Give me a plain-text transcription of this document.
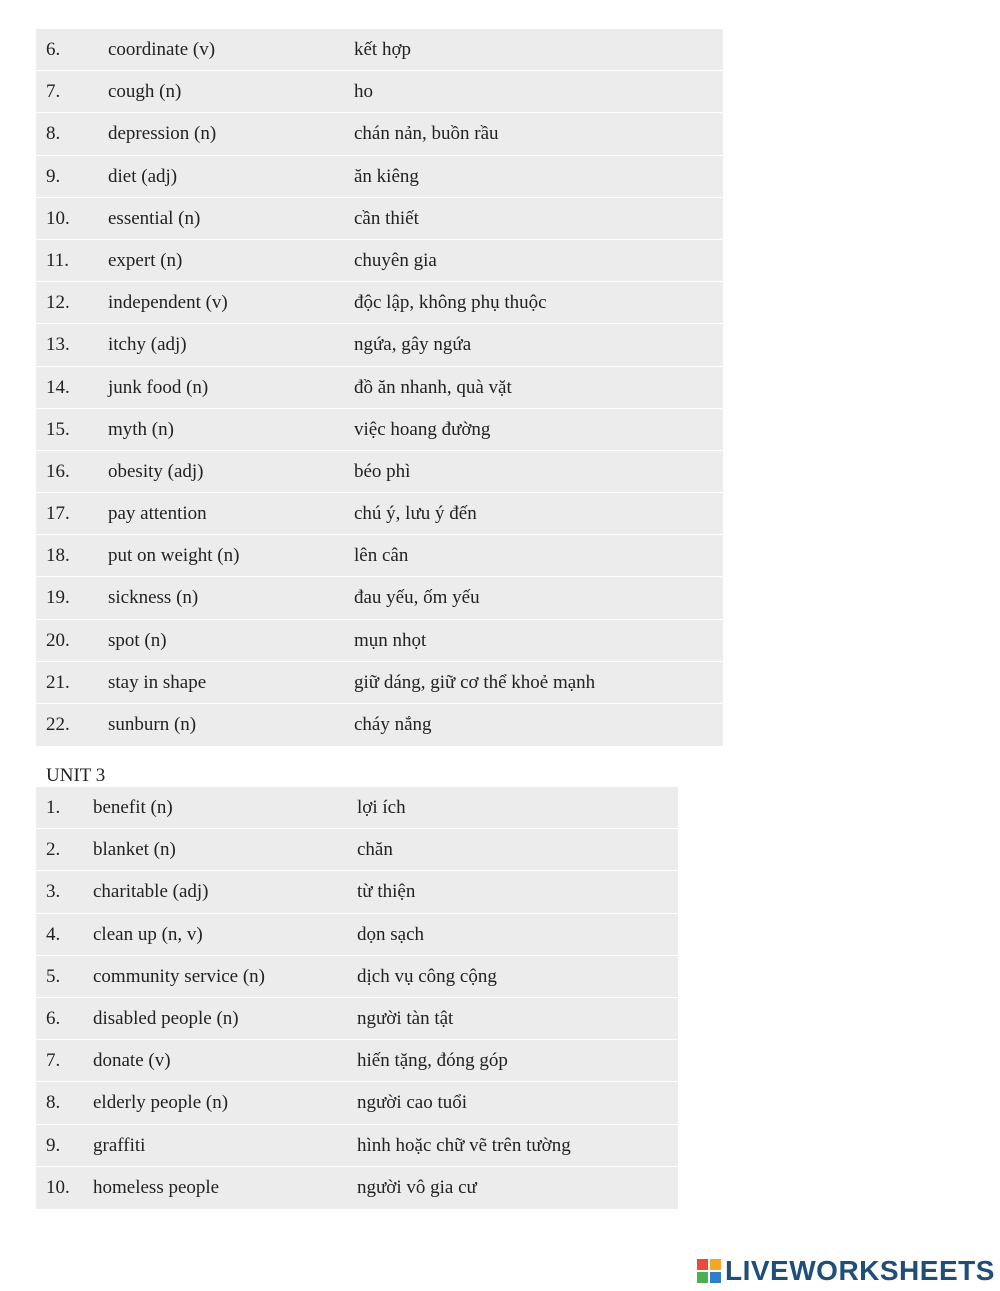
6.	coordinate (v)	kết hợp
7.	cough (n)	ho
8.	depression (n)	chán nản, buồn rầu
9.	diet (adj)	ăn kiêng
10. essential (n)	cần thiết
11. expert (n)	chuyên gia
12. independent (v)	độc lập, không phụ thuộc
13. itchy (adj)	ngứa, gây ngứa
14. junk food (n)	đồ ăn nhanh, quà vặt
15. myth (n)	việc hoang đường
16. obesity (adj)	béo phì
17. pay attention	chú ý, lưu ý đến
18. put on weight (n)	lên cân
19. sickness (n)	đau yếu, ốm yếu
20. spot (n)	mụn nhọt
21. stay in shape	giữ dáng, giữ cơ thể khoẻ mạnh
22. sunburn (n)	cháy nắng
UNIT 3
1. benefit (n)	lợi ích
2. blanket (n)	chăn
3. charitable (adj)	từ thiện
4. clean up (n, v)	dọn sạch
5. community service (n)	dịch vụ công cộng
6. disabled people (n)	người tàn tật
7. donate (v)	hiến tặng, đóng góp
8. elderly people (n)	người cao tuổi
9. graffiti	hình hoặc chữ vẽ trên tường
10. homeless people	người vô gia cư
LIVEWORKSHEETS
